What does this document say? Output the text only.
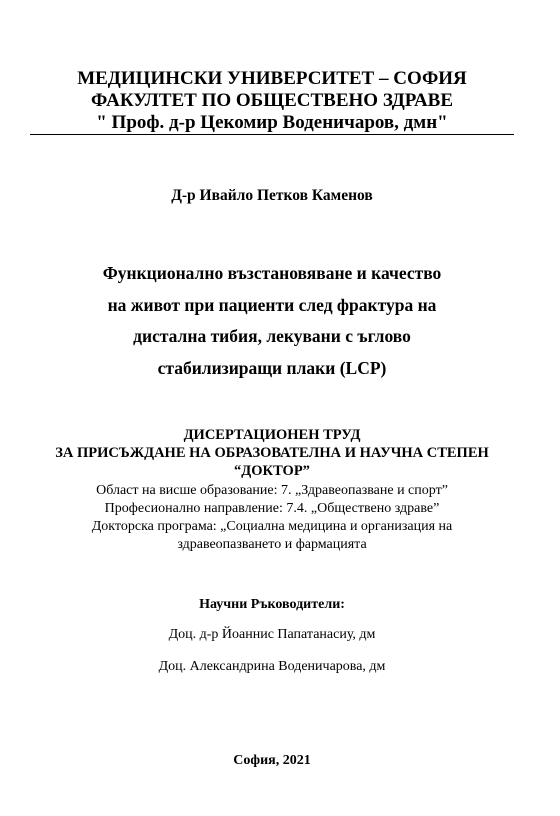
МЕДИЦИНСКИ УНИВЕРСИТЕТ – СОФИЯ
ФАКУЛТЕТ ПО ОБЩЕСТВЕНО ЗДРАВЕ
" Проф. д-р Цекомир Воденичаров, дмн"
Д-р Ивайло Петков Каменов
Функционално възстановяване и качество
на живот при пациенти след фрактура на
дистална тибия, лекувани с ъглово
стабилизиращи плаки (LCP)
ДИСЕРТАЦИОНЕН ТРУД
ЗА ПРИСЪЖДАНЕ НА ОБРАЗОВАТЕЛНА И НАУЧНА СТЕПЕН
“ДОКТОР”
Област на висше образование: 7. „Здравеопазване и спорт”
Професионално направление: 7.4. „Обществено здраве”
Докторска програма: „Социална медицина и организация на
здравеопазването и фармацията
Научни Ръководители:
Доц. д-р Йоаннис Папатанасиу, дм
Доц. Александрина Воденичарова, дм
София, 2021
